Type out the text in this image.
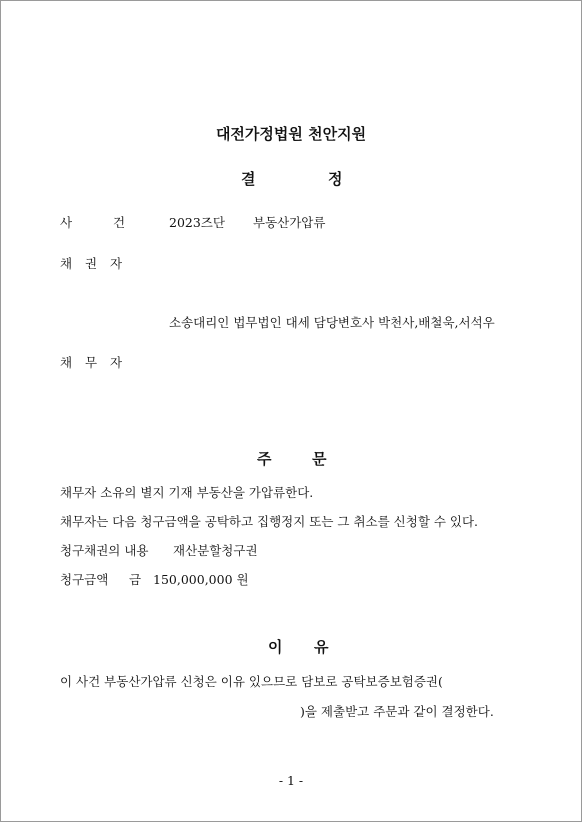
대전가정법원 천안지원
결	정
사	건	2023즈단 부동산가압류
채 권 자
소송대리인 법무법인 대세 담당변호사 박천사,배철욱,서석우
채 무 자
주	문
채무자 소유의 별지 기재 부동산을 가압류한다.
채무자는 다음 청구금액을 공탁하고 집행정지 또는 그 취소를 신청할 수 있다.
청구채권의 내용 재산분할청구권
청구금액 금 150,000,000 원
이 유
이 사건 부동산가압류 신청은 이유 있으므로 담보로 공탁보증보험증권(
)을 제출받고 주문과 같이 결정한다.
- 1 -
